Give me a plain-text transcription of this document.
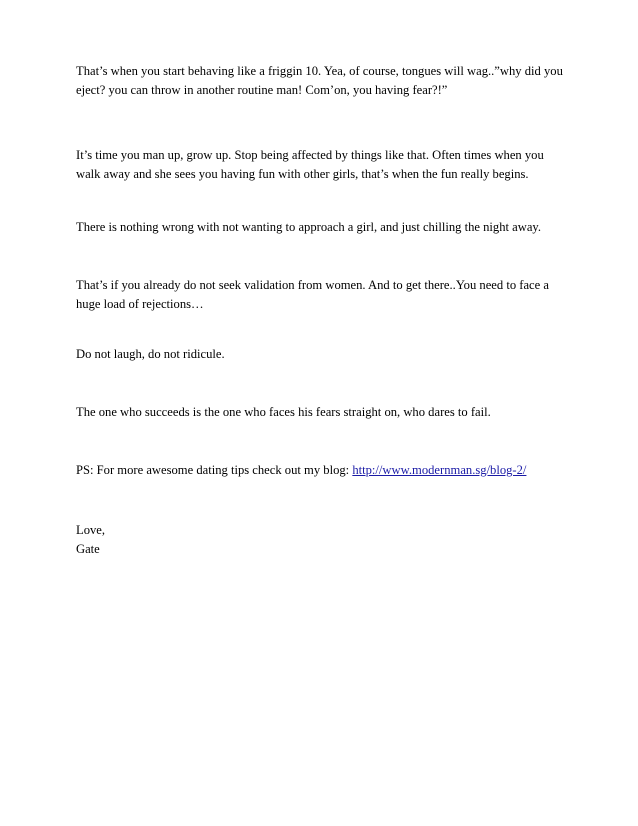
That’s when you start behaving like a friggin 10. Yea, of course, tongues will wag..”why did you
eject? you can throw in another routine man! Com’on, you having fear?!”

It’s time you man up, grow up. Stop being affected by things like that. Often times when you
walk away and she sees you having fun with other girls, that’s when the fun really begins.

There is nothing wrong with not wanting to approach a girl, and just chilling the night away.

That’s if you already do not seek validation from women. And to get there..You need to face a
huge load of rejections…

Do not laugh, do not ridicule.

The one who succeeds is the one who faces his fears straight on, who dares to fail.

PS: For more awesome dating tips check out my blog: http://www.modernman.sg/blog-2/

Love,
Gate
